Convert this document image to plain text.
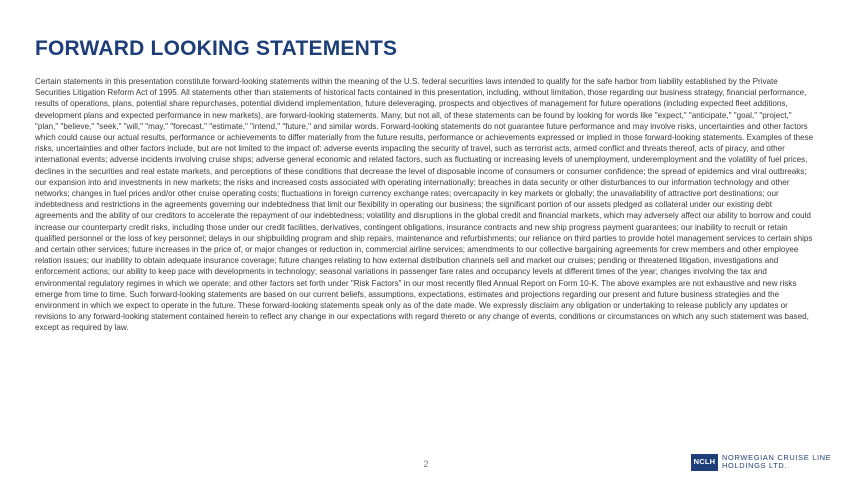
FORWARD LOOKING STATEMENTS

Certain statements in this presentation constitute forward-looking statements within the meaning of the U.S. federal securities laws intended to qualify for the safe harbor from liability established by the Private Securities Litigation Reform Act of 1995. All statements other than statements of historical facts contained in this presentation, including, without limitation, those regarding our business strategy, financial performance, results of operations, plans, potential share repurchases, potential dividend implementation, future deleveraging, prospects and objectives of management for future operations (including expected fleet additions, development plans and expected performance in new markets), are forward-looking statements. Many, but not all, of these statements can be found by looking for words like "expect," "anticipate," "goal," "project," "plan," "believe," "seek," "will," "may," "forecast," "estimate," "intend," "future," and similar words. Forward-looking statements do not guarantee future performance and may involve risks, uncertainties and other factors which could cause our actual results, performance or achievements to differ materially from the future results, performance or achievements expressed or implied in those forward-looking statements. Examples of these risks, uncertainties and other factors include, but are not limited to the impact of: adverse events impacting the security of travel, such as terrorist acts, armed conflict and threats thereof, acts of piracy, and other international events; adverse incidents involving cruise ships; adverse general economic and related factors, such as fluctuating or increasing levels of unemployment, underemployment and the volatility of fuel prices, declines in the securities and real estate markets, and perceptions of these conditions that decrease the level of disposable income of consumers or consumer confidence; the spread of epidemics and viral outbreaks; our expansion into and investments in new markets; the risks and increased costs associated with operating internationally; breaches in data security or other disturbances to our information technology and other networks; changes in fuel prices and/or other cruise operating costs; fluctuations in foreign currency exchange rates; overcapacity in key markets or globally; the unavailability of attractive port destinations; our indebtedness and restrictions in the agreements governing our indebtedness that limit our flexibility in operating our business; the significant portion of our assets pledged as collateral under our existing debt agreements and the ability of our creditors to accelerate the repayment of our indebtedness; volatility and disruptions in the global credit and financial markets, which may adversely affect our ability to borrow and could increase our counterparty credit risks, including those under our credit facilities, derivatives, contingent obligations, insurance contracts and new ship progress payment guarantees; our inability to recruit or retain qualified personnel or the loss of key personnel; delays in our shipbuilding program and ship repairs, maintenance and refurbishments; our reliance on third parties to provide hotel management services to certain ships and certain other services; future increases in the price of, or major changes or reduction in, commercial airline services; amendments to our collective bargaining agreements for crew members and other employee relation issues; our inability to obtain adequate insurance coverage; future changes relating to how external distribution channels sell and market our cruises; pending or threatened litigation, investigations and enforcement actions; our ability to keep pace with developments in technology; seasonal variations in passenger fare rates and occupancy levels at different times of the year; changes involving the tax and environmental regulatory regimes in which we operate; and other factors set forth under "Risk Factors" in our most recently filed Annual Report on Form 10-K. The above examples are not exhaustive and new risks emerge from time to time. Such forward-looking statements are based on our current beliefs, assumptions, expectations, estimates and projections regarding our present and future business strategies and the environment in which we expect to operate in the future. These forward-looking statements speak only as of the date made. We expressly disclaim any obligation or undertaking to release publicly any updates or revisions to any forward-looking statement contained herein to reflect any change in our expectations with regard thereto or any change of events, conditions or circumstances on which any such statement was based, except as required by law.

2	NCLH
NORWEGIAN CRUISE LINE
HOLDINGS LTD.
